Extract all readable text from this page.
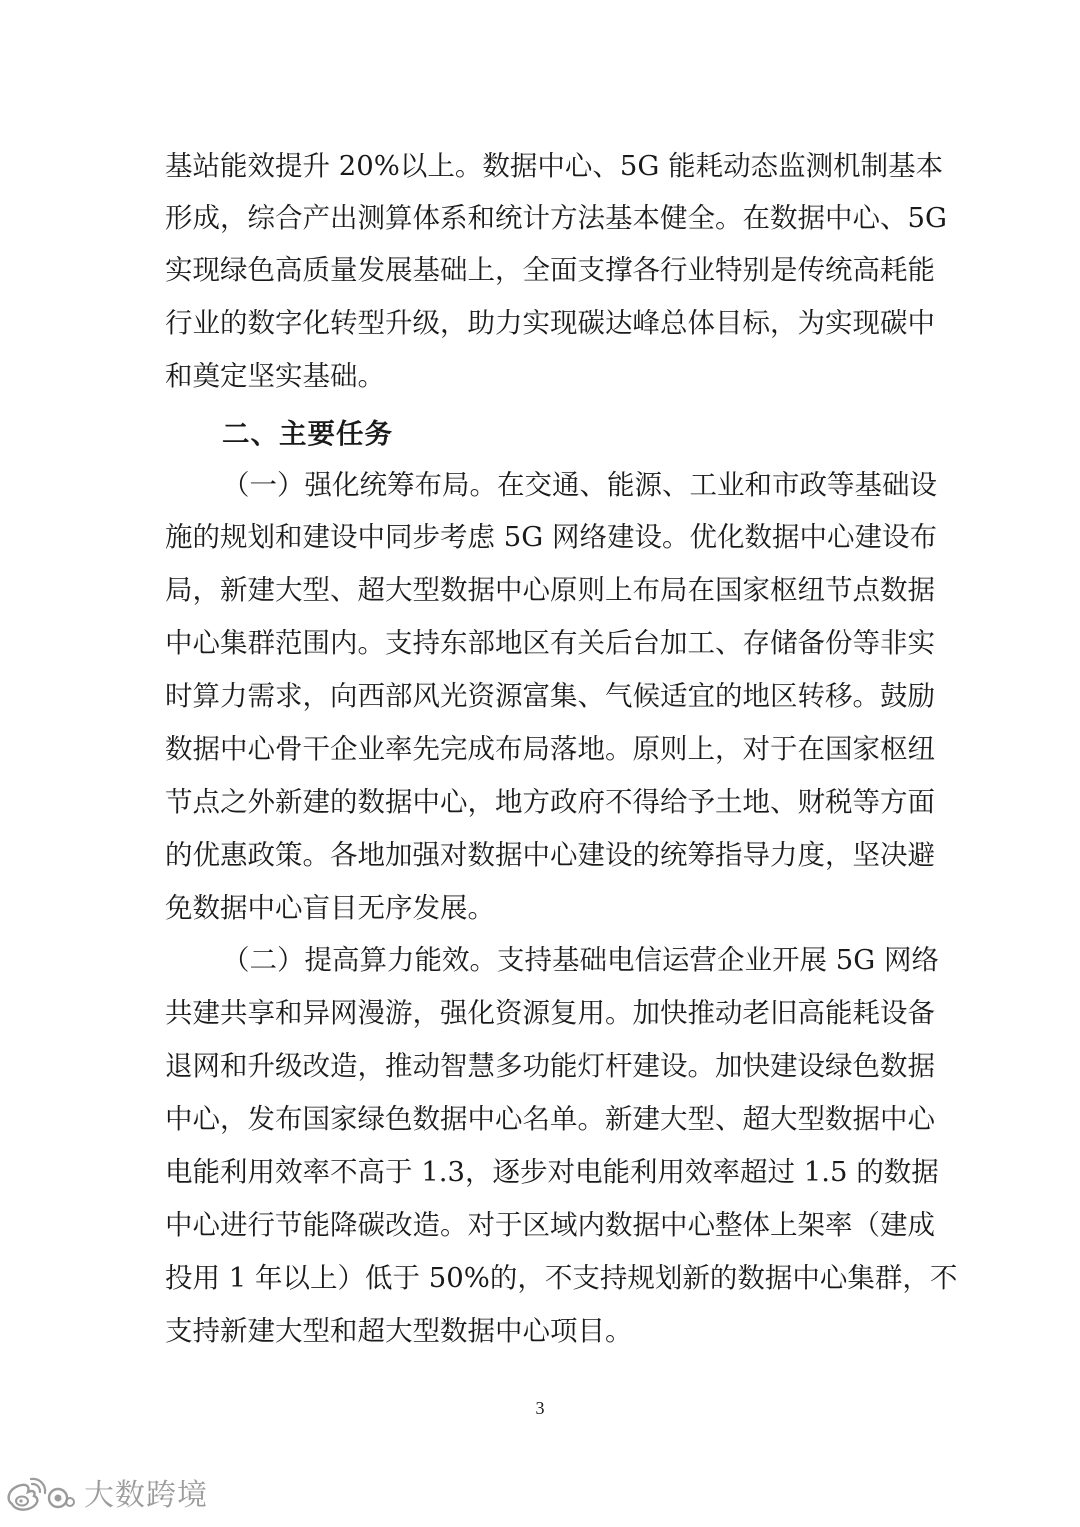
基站能效提升 20%以上。数据中心、5G 能耗动态监测机制基本
形成，综合产出测算体系和统计方法基本健全。在数据中心、5G
实现绿色高质量发展基础上，全面支撑各行业特别是传统高耗能
行业的数字化转型升级，助力实现碳达峰总体目标，为实现碳中
和奠定坚实基础。
二、主要任务
（一）强化统筹布局。在交通、能源、工业和市政等基础设
施的规划和建设中同步考虑 5G 网络建设。优化数据中心建设布
局，新建大型、超大型数据中心原则上布局在国家枢纽节点数据
中心集群范围内。支持东部地区有关后台加工、存储备份等非实
时算力需求，向西部风光资源富集、气候适宜的地区转移。鼓励
数据中心骨干企业率先完成布局落地。原则上，对于在国家枢纽
节点之外新建的数据中心，地方政府不得给予土地、财税等方面
的优惠政策。各地加强对数据中心建设的统筹指导力度，坚决避
免数据中心盲目无序发展。
（二）提高算力能效。支持基础电信运营企业开展 5G 网络
共建共享和异网漫游，强化资源复用。加快推动老旧高能耗设备
退网和升级改造，推动智慧多功能灯杆建设。加快建设绿色数据
中心，发布国家绿色数据中心名单。新建大型、超大型数据中心
电能利用效率不高于 1.3，逐步对电能利用效率超过 1.5 的数据
中心进行节能降碳改造。对于区域内数据中心整体上架率（建成
投用 1 年以上）低于 50%的，不支持规划新的数据中心集群，不
支持新建大型和超大型数据中心项目。
3
大数跨境
